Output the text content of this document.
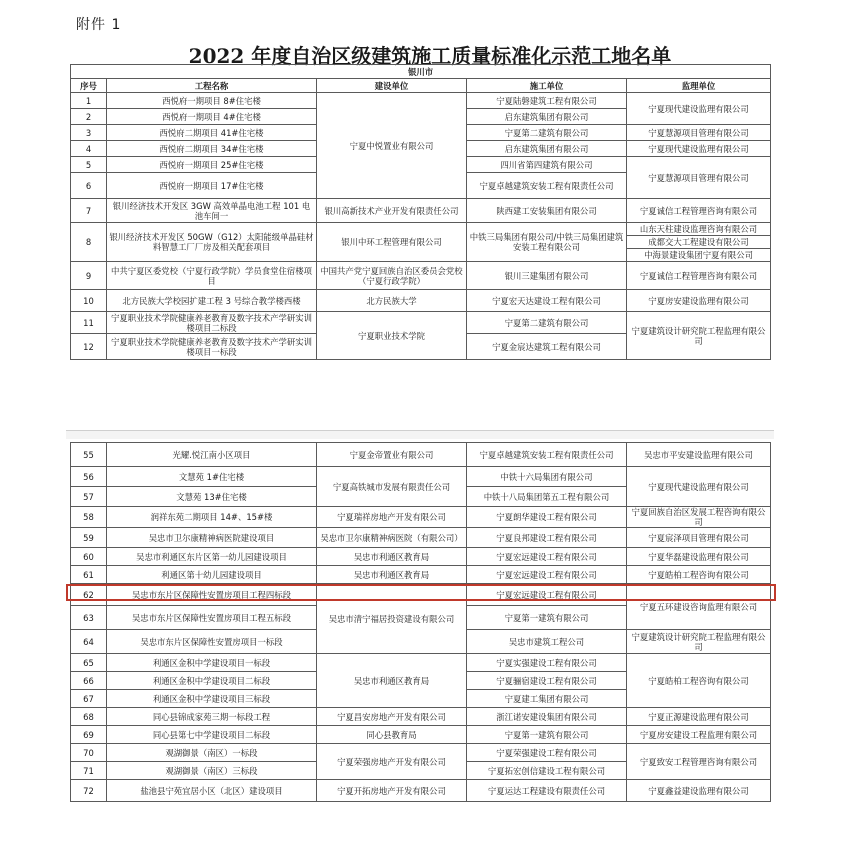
附件 1
2022 年度自治区级建筑施工质量标准化示范工地名单
银川市				
序号	工程名称	建设单位	施工单位	监理单位
1	西悦府一期项目 8#住宅楼	宁夏中悦置业有限公司	宁夏陆磐建筑工程有限公司	宁夏现代建设监理有限公司
2	西悦府一期项目 4#住宅楼		启东建筑集团有限公司	
3	西悦府二期项目 41#住宅楼		宁夏第二建筑有限公司	宁夏慧源项目管理有限公司
4	西悦府二期项目 34#住宅楼		启东建筑集团有限公司	宁夏现代建设监理有限公司
5	西悦府一期项目 25#住宅楼		四川省第四建筑有限公司	宁夏慧源项目管理有限公司
6	西悦府一期项目 17#住宅楼		宁夏卓越建筑安装工程有限责任公司	
7	银川经济技术开发区 3GW 高效单晶电池工程 101 电池车间一	银川高新技术产业开发有限责任公司	陕西建工安装集团有限公司	宁夏诚信工程管理咨询有限公司
8	银川经济技术开发区 50GW（G12）太阳能级单晶硅材料智慧工厂厂房及相关配套项目	银川中环工程管理有限公司	中铁三局集团有限公司/中铁三局集团建筑安装工程有限公司	山东天柱建设监理咨询有限公司
成都交大工程建设有限公司
中海景建设集团宁夏有限公司

9	中共宁夏区委党校（宁夏行政学院）学员食堂住宿楼项目	中国共产党宁夏回族自治区委员会党校（宁夏行政学院）	银川三建集团有限公司	宁夏诚信工程管理咨询有限公司
10	北方民族大学校园扩建工程 3 号综合教学楼西楼	北方民族大学	宁夏宏天达建设工程有限公司	宁夏房安建设监理有限公司
11	宁夏职业技术学院健康养老教育及数字技术产学研实训楼项目二标段	宁夏职业技术学院	宁夏第二建筑有限公司	宁夏建筑设计研究院工程监理有限公司
12	宁夏职业技术学院健康养老教育及数字技术产学研实训楼项目一标段		宁夏金宸达建筑工程有限公司	
55	光耀.悦江南小区项目	宁夏金帝置业有限公司	宁夏卓越建筑安装工程有限责任公司	吴忠市平安建设监理有限公司
56	文慧苑 1#住宅楼	宁夏高铁城市发展有限责任公司	中铁十六局集团有限公司	宁夏现代建设监理有限公司
57	文慧苑 13#住宅楼		中铁十八局集团第五工程有限公司	
58	润祥东苑二期项目 14#、15#楼	宁夏瑞祥房地产开发有限公司	宁夏朗华建设工程有限公司	宁夏回族自治区发展工程咨询有限公司
59	吴忠市卫尔康精神病医院建设项目	吴忠市卫尔康精神病医院（有限公司）	宁夏良邦建设工程有限公司	宁夏宸泽项目管理有限公司
60	吴忠市利通区东片区第一幼儿园建设项目	吴忠市利通区教育局	宁夏宏远建设工程有限公司	宁夏华磊建设监理有限公司
61	利通区第十幼儿园建设项目	吴忠市利通区教育局	宁夏宏远建设工程有限公司	宁夏皓柏工程咨询有限公司
62	吴忠市东片区保障性安置房项目工程四标段	吴忠市清宁福居投资建设有限公司	宁夏宏远建设工程有限公司	宁夏五环建设咨询监理有限公司
63	吴忠市东片区保障性安置房项目工程五标段		宁夏第一建筑有限公司	
64	吴忠市东片区保障性安置房项目一标段		吴忠市建筑工程公司	宁夏建筑设计研究院工程监理有限公司
65	利通区金积中学建设项目一标段	吴忠市利通区教育局	宁夏实强建设工程有限公司	宁夏皓柏工程咨询有限公司
66	利通区金积中学建设项目二标段		宁夏骊宿建设工程有限公司	
67	利通区金积中学建设项目三标段		宁夏建工集团有限公司	
68	同心县锦成家苑三期一标段工程	宁夏昌安房地产开发有限公司	浙江诺安建设集团有限公司	宁夏正源建设监理有限公司
69	同心县第七中学建设项目二标段	同心县教育局	宁夏第一建筑有限公司	宁夏房安建设工程监理有限公司
70	观湖御景（南区）一标段	宁夏荣强房地产开发有限公司	宁夏荣强建设工程有限公司	宁夏致安工程管理咨询有限公司
71	观湖御景（南区）三标段		宁夏拓宏创信建设工程有限公司	
72	盐池县宁苑宜居小区（北区）建设项目	宁夏开拓房地产开发有限公司	宁夏运达工程建设有限责任公司	宁夏鑫益建设监理有限公司
